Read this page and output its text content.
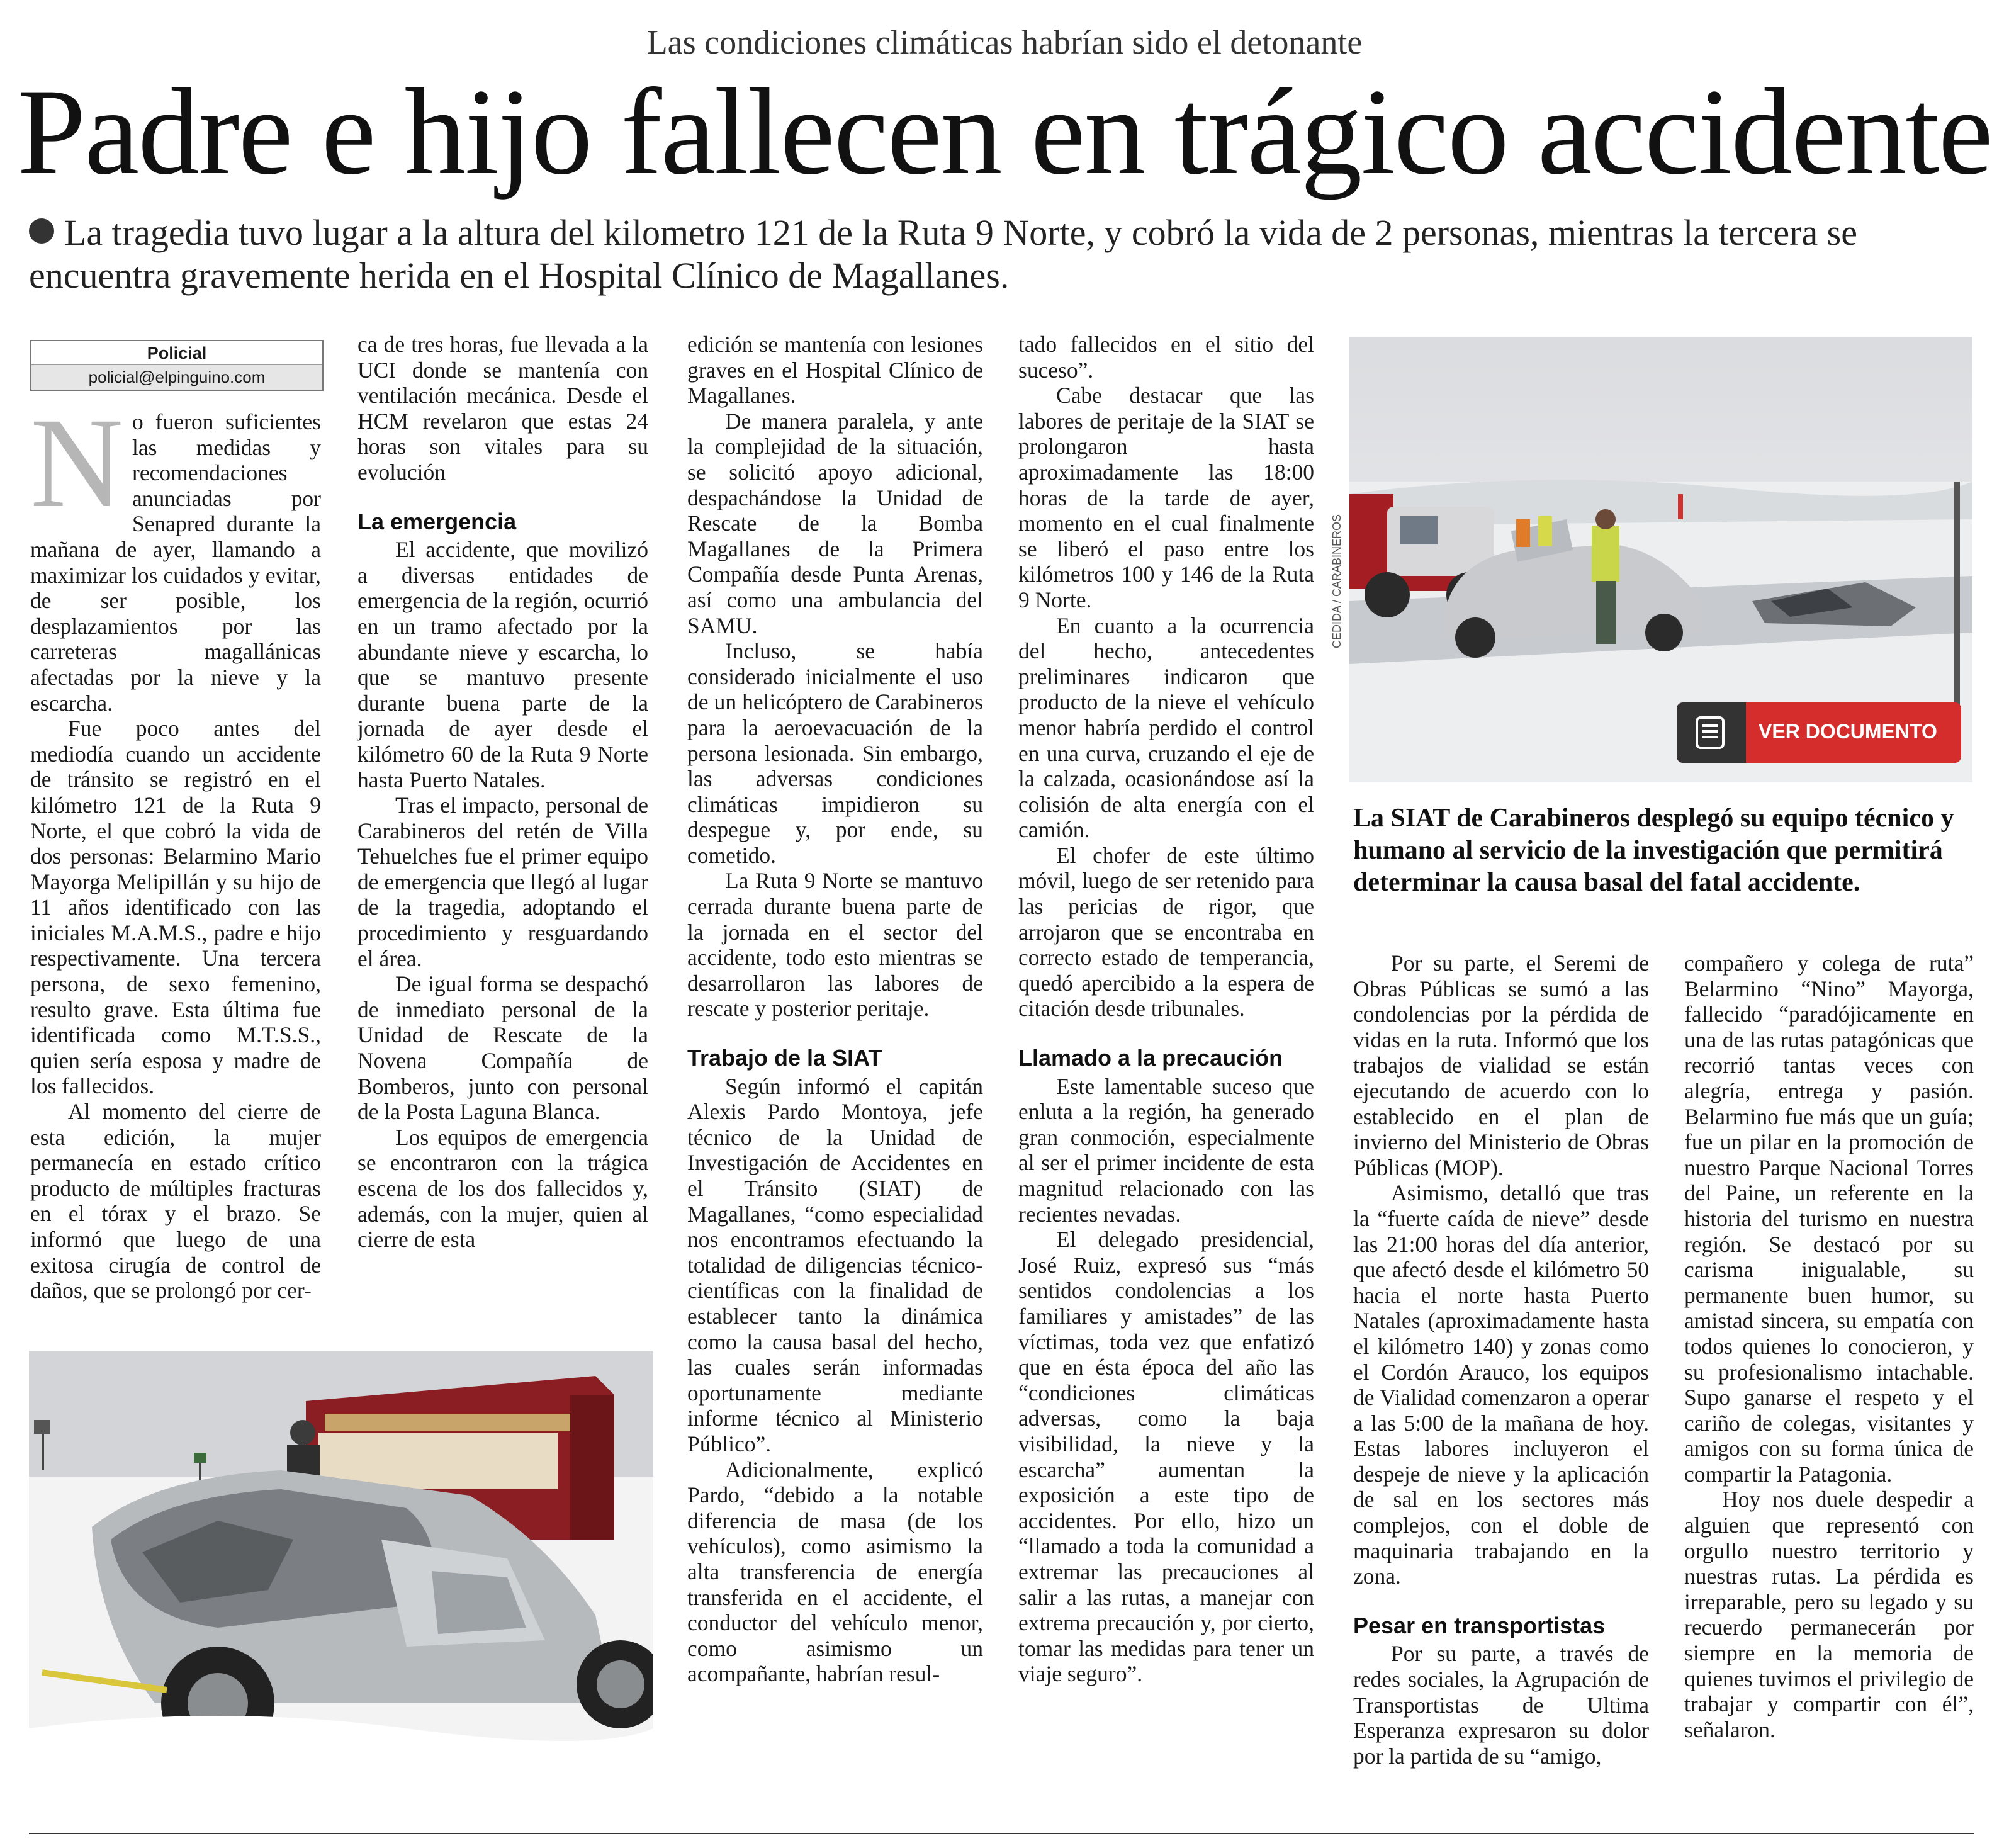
Las condiciones climáticas habrían sido el detonante
Padre e hijo fallecen en trágico accidente
La tragedia tuvo lugar a la altura del kilometro 121 de la Ruta 9 Norte, y cobró la vida de 2 personas, mientras la tercera se encuentra gravemente herida en el Hospital Clínico de Magallanes.
Policial
policial@elpinguino.com
N o fueron suficientes las medidas y recomendaciones anunciadas por Senapred durante la mañana de ayer, llamando a maximizar los cuidados y evitar, de ser posible, los desplazamientos por las carreteras magallánicas afectadas por la nieve y la escarcha.

Fue poco antes del mediodía cuando un accidente de tránsito se registró en el kilómetro 121 de la Ruta 9 Norte, el que cobró la vida de dos personas: Belarmino Mario Mayorga Melipillán y su hijo de 11 años identificado con las iniciales M.A.M.S., padre e hijo respectivamente. Una tercera persona, de sexo femenino, resulto grave. Esta última fue identificada como M.T.S.S., quien sería esposa y madre de los fallecidos.

Al momento del cierre de esta edición, la mujer permanecía en estado crítico producto de múltiples fracturas en el tórax y el brazo. Se informó que luego de una exitosa cirugía de control de daños, que se prolongó por cer-

ca de tres horas, fue llevada a la UCI donde se mantenía con ventilación mecánica. Desde el HCM revelaron que estas 24 horas son vitales para su evolución

La emergencia

El accidente, que movilizó a diversas entidades de emergencia de la región, ocurrió en un tramo afectado por la abundante nieve y escarcha, lo que se mantuvo presente durante buena parte de la jornada de ayer desde el kilómetro 60 de la Ruta 9 Norte hasta Puerto Natales.

Tras el impacto, personal de Carabineros del retén de Villa Tehuelches fue el primer equipo de emergencia que llegó al lugar de la tragedia, adoptando el procedimiento y resguardando el área.

De igual forma se despachó de inmediato personal de la Unidad de Rescate de la Novena Compañía de Bomberos, junto con personal de la Posta Laguna Blanca.

Los equipos de emergencia se encontraron con la trágica escena de los dos fallecidos y, además, con la mujer, quien al cierre de esta

edición se mantenía con lesiones graves en el Hospital Clínico de Magallanes.

De manera paralela, y ante la complejidad de la situación, se solicitó apoyo adicional, despachándose la Unidad de Rescate de la Bomba Magallanes de la Primera Compañía desde Punta Arenas, así como una ambulancia del SAMU.

Incluso, se había considerado inicialmente el uso de un helicóptero de Carabineros para la aeroevacuación de la persona lesionada. Sin embargo, las adversas condiciones climáticas impidieron su despegue y, por ende, su cometido.

La Ruta 9 Norte se mantuvo cerrada durante buena parte de la jornada en el sector del accidente, todo esto mientras se desarrollaron las labores de rescate y posterior peritaje.

Trabajo de la SIAT

Según informó el capitán Alexis Pardo Montoya, jefe técnico de la Unidad de Investigación de Accidentes en el Tránsito (SIAT) de Magallanes, “como especialidad nos encontramos efectuando la totalidad de diligencias técnico-científicas con la finalidad de establecer tanto la dinámica como la causa basal del hecho, las cuales serán informadas oportunamente mediante informe técnico al Ministerio Público”.

Adicionalmente, explicó Pardo, “debido a la notable diferencia de masa (de los vehículos), como asimismo la alta transferencia de energía transferida en el accidente, el conductor del vehículo menor, como asimismo un acompañante, habrían resul-

tado fallecidos en el sitio del suceso”.

Cabe destacar que las labores de peritaje de la SIAT se prolongaron hasta aproximadamente las 18:00 horas de la tarde de ayer, momento en el cual finalmente se liberó el paso entre los kilómetros 100 y 146 de la Ruta 9 Norte.

En cuanto a la ocurrencia del hecho, antecedentes preliminares indicaron que producto de la nieve el vehículo menor habría perdido el control en una curva, cruzando el eje de la calzada, ocasionándose así la colisión de alta energía con el camión.

El chofer de este último móvil, luego de ser retenido para las pericias de rigor, que arrojaron que se encontraba en correcto estado de temperancia, quedó apercibido a la espera de citación desde tribunales.

Llamado a la precaución

Este lamentable suceso que enluta a la región, ha generado gran conmoción, especialmente al ser el primer incidente de esta magnitud relacionado con las recientes nevadas.

El delegado presidencial, José Ruiz, expresó sus “más sentidos condolencias a los familiares y amistades” de las víctimas, toda vez que enfatizó que en ésta época del año las “condiciones climáticas adversas, como la baja visibilidad, la nieve y la escarcha” aumentan la exposición a este tipo de accidentes. Por ello, hizo un “llamado a toda la comunidad a extremar las precauciones al salir a las rutas, a manejar con extrema precaución y, por cierto, tomar las medidas para tener un viaje seguro”.

CEDIDA / CARABINEROS
VER DOCUMENTO
La SIAT de Carabineros desplegó su equipo técnico y humano al servicio de la investigación que permitirá determinar la causa basal del fatal accidente.

Por su parte, el Seremi de Obras Públicas se sumó a las condolencias por la pérdida de vidas en la ruta. Informó que los trabajos de vialidad se están ejecutando de acuerdo con lo establecido en el plan de invierno del Ministerio de Obras Públicas (MOP).

Asimismo, detalló que tras la “fuerte caída de nieve” desde las 21:00 horas del día anterior, que afectó desde el kilómetro 50 hacia el norte hasta Puerto Natales (aproximadamente hasta el kilómetro 140) y zonas como el Cordón Arauco, los equipos de Vialidad comenzaron a operar a las 5:00 de la mañana de hoy. Estas labores incluyeron el despeje de nieve y la aplicación de sal en los sectores más complejos, con el doble de maquinaria trabajando en la zona.

Pesar en transportistas

Por su parte, a través de redes sociales, la Agrupación de Transportistas de Ultima Esperanza expresaron su dolor por la partida de su “amigo,

compañero y colega de ruta” Belarmino “Nino” Mayorga, fallecido “paradójicamente en una de las rutas patagónicas que recorrió tantas veces con alegría, entrega y pasión. Belarmino fue más que un guía; fue un pilar en la promoción de nuestro Parque Nacional Torres del Paine, un referente en la historia del turismo en nuestra región. Se destacó por su carisma inigualable, su permanente buen humor, su amistad sincera, su empatía con todos quienes lo conocieron, y su profesionalismo intachable. Supo ganarse el respeto y el cariño de colegas, visitantes y amigos con su forma única de compartir la Patagonia.

Hoy nos duele despedir a alguien que representó con orgullo nuestro territorio y nuestras rutas. La pérdida es irreparable, pero su legado y su recuerdo permanecerán por siempre en la memoria de quienes tuvimos el privilegio de trabajar y compartir con él”, señalaron.
